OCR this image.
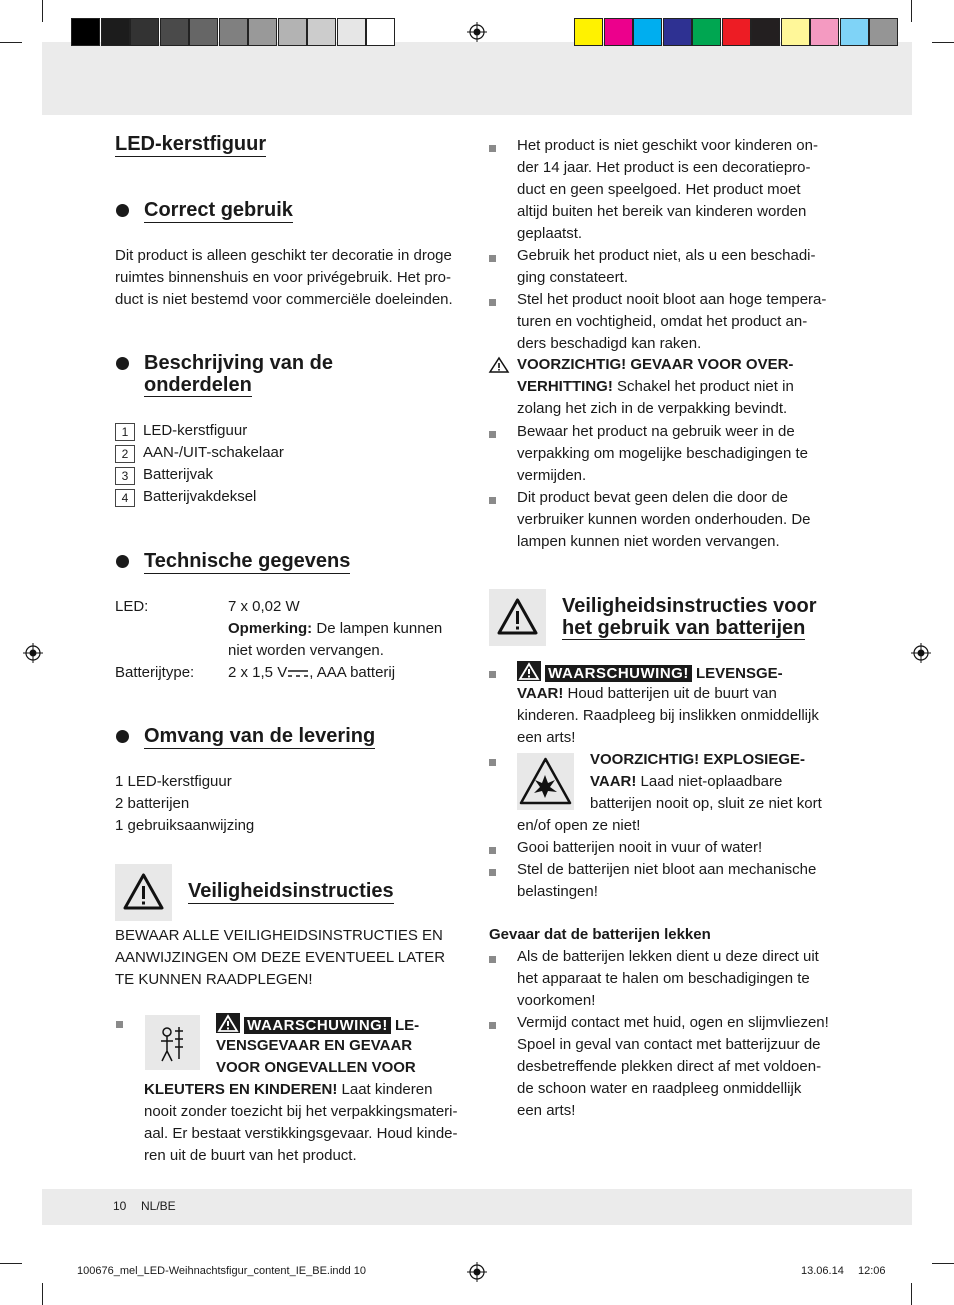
LED-kerstfiguur
Correct gebruik
Dit product is alleen geschikt ter decoratie in droge
ruimtes binnenshuis en voor privégebruik. Het pro-
duct is niet bestemd voor commerciële doeleinden.
Beschrijving van de
onderdelen
1 LED-kerstfiguur
2 AAN-/UIT-schakelaar
3 Batterijvak
4 Batterijvakdeksel
Technische gegevens
LED:	7 x 0,02 W
Opmerking: De lampen kunnen
niet worden vervangen.
Batterijtype: 2 x 1,5 V , AAA batterij
Omvang van de levering
1 LED-kerstfiguur
2 batterijen
1 gebruiksaanwijzing
Veiligheidsinstructies
BEWAAR ALLE VEILIGHEIDSINSTRUCTIES EN
AANWIJZINGEN OM DEZE EVENTUEEL LATER
TE KUNNEN RAADPLEGEN!
WAARSCHUWING! LE-
VENSGEVAAR EN GEVAAR
VOOR ONGEVALLEN VOOR
KLEUTERS EN KINDEREN! Laat kinderen
nooit zonder toezicht bij het verpakkingsmateri-
aal. Er bestaat verstikkingsgevaar. Houd kinde-
ren uit de buurt van het product.
Het product is niet geschikt voor kinderen on-
der 14 jaar. Het product is een decoratiepro-
duct en geen speelgoed. Het product moet
altijd buiten het bereik van kinderen worden
geplaatst.
Gebruik het product niet, als u een beschadi-
ging constateert.
Stel het product nooit bloot aan hoge tempera-
turen en vochtigheid, omdat het product an-
ders beschadigd kan raken.
VOORZICHTIG! GEVAAR VOOR OVER-
VERHITTING! Schakel het product niet in
zolang het zich in de verpakking bevindt.
Bewaar het product na gebruik weer in de
verpakking om mogelijke beschadigingen te
vermijden.
Dit product bevat geen delen die door de
verbruiker kunnen worden onderhouden. De
lampen kunnen niet worden vervangen.
Veiligheidsinstructies voor
het gebruik van batterijen
WAARSCHUWING! LEVENSGE-
VAAR! Houd batterijen uit de buurt van
kinderen. Raadpleeg bij inslikken onmiddellijk
een arts!
VOORZICHTIG! EXPLOSIEGE-
VAAR! Laad niet-oplaadbare
batterijen nooit op, sluit ze niet kort
en/of open ze niet!
Gooi batterijen nooit in vuur of water!
Stel de batterijen niet bloot aan mechanische
belastingen!
Gevaar dat de batterijen lekken
Als de batterijen lekken dient u deze direct uit
het apparaat te halen om beschadigingen te
voorkomen!
Vermijd contact met huid, ogen en slijmvliezen!
Spoel in geval van contact met batterijzuur de
desbetreffende plekken direct af met voldoen-
de schoon water en raadpleeg onmiddellijk
een arts!
10 NL/BE
100676_mel_LED-Weihnachtsfigur_content_IE_BE.indd 10	13.06.14 12:06
